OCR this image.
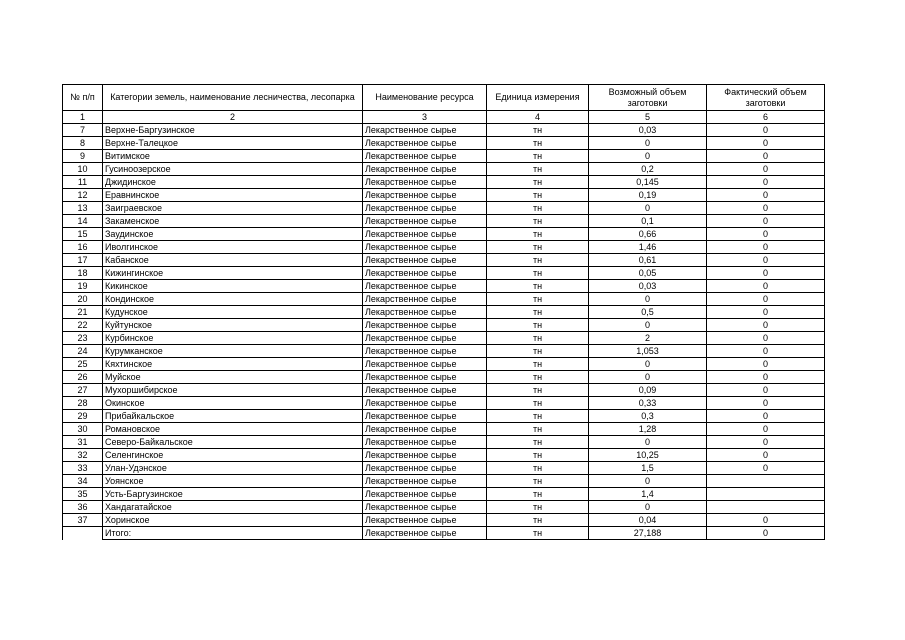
№ п/п	Категории земель, наименование лесничества, лесопарка	Наименование ресурса	Единица измерения	Возможный объем заготовки	Фактический объем заготовки
1	2	3	4	5	6
7	Верхне-Баргузинское	Лекарственное сырье	тн	0,03	0
8	Верхне-Талецкое	Лекарственное сырье	тн	0	0
9	Витимское	Лекарственное сырье	тн	0	0
10	Гусиноозерское	Лекарственное сырье	тн	0,2	0
11	Джидинское	Лекарственное сырье	тн	0,145	0
12	Еравнинское	Лекарственное сырье	тн	0,19	0
13	Заиграевское	Лекарственное сырье	тн	0	0
14	Закаменское	Лекарственное сырье	тн	0,1	0
15	Заудинское	Лекарственное сырье	тн	0,66	0
16	Иволгинское	Лекарственное сырье	тн	1,46	0
17	Кабанское	Лекарственное сырье	тн	0,61	0
18	Кижингинское	Лекарственное сырье	тн	0,05	0
19	Кикинское	Лекарственное сырье	тн	0,03	0
20	Кондинское	Лекарственное сырье	тн	0	0
21	Кудунское	Лекарственное сырье	тн	0,5	0
22	Куйтунское	Лекарственное сырье	тн	0	0
23	Курбинское	Лекарственное сырье	тн	2	0
24	Курумканское	Лекарственное сырье	тн	1,053	0
25	Кяхтинское	Лекарственное сырье	тн	0	0
26	Муйское	Лекарственное сырье	тн	0	0
27	Мухоршибирское	Лекарственное сырье	тн	0,09	0
28	Окинское	Лекарственное сырье	тн	0,33	0
29	Прибайкальское	Лекарственное сырье	тн	0,3	0
30	Романовское	Лекарственное сырье	тн	1,28	0
31	Северо-Байкальское	Лекарственное сырье	тн	0	0
32	Селенгинское	Лекарственное сырье	тн	10,25	0
33	Улан-Удэнское	Лекарственное сырье	тн	1,5	0
34	Уоянское	Лекарственное сырье	тн	0	
35	Усть-Баргузинское	Лекарственное сырье	тн	1,4	
36	Хандагатайское	Лекарственное сырье	тн	0	
37	Хоринское	Лекарственное сырье	тн	0,04	0
	Итого:	Лекарственное сырье	тн	27,188	0
